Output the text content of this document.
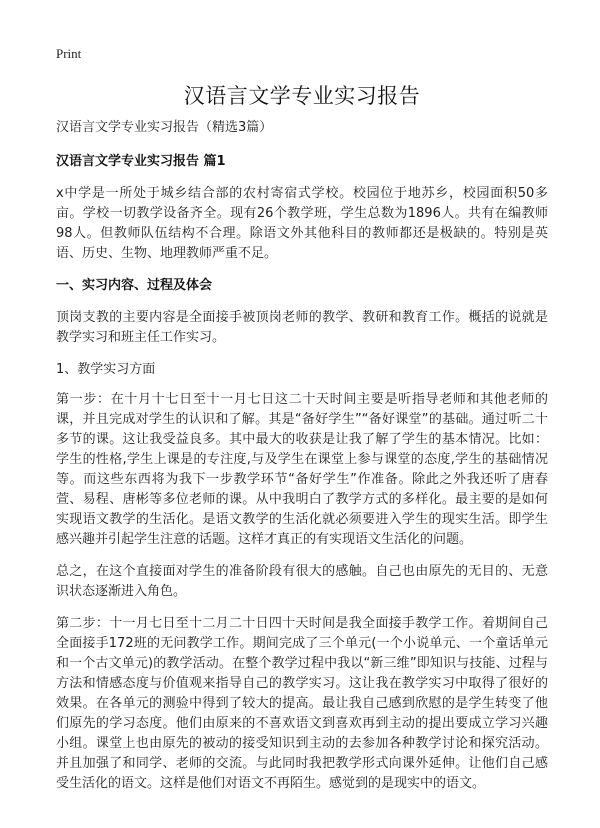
Print
汉语言文学专业实习报告

汉语言文学专业实习报告（精选3篇）

汉语言文学专业实习报告 篇1

x中学是一所处于城乡结合部的农村寄宿式学校。校园位于地苏乡，校园面积50多亩。学校一切教学设备齐全。现有26个教学班，学生总数为1896人。共有在编教师98人。但教师队伍结构不合理。除语文外其他科目的教师都还是极缺的。特别是英语、历史、生物、地理教师严重不足。

一、实习内容、过程及体会

顶岗支教的主要内容是全面接手被顶岗老师的教学、教研和教育工作。概括的说就是教学实习和班主任工作实习。

1、教学实习方面

第一步：在十月十七日至十一月七日这二十天时间主要是听指导老师和其他老师的课，并且完成对学生的认识和了解。其是“备好学生”“备好课堂”的基础。通过听二十多节的课。这让我受益良多。其中最大的收获是让我了解了学生的基本情况。比如：学生的性格,学生上课是的专注度,与及学生在课堂上参与课堂的态度,学生的基础情况等。而这些东西将为我下一步教学环节“备好学生”作准备。除此之外我还听了唐春萱、易程、唐彬等多位老师的课。从中我明白了教学方式的多样化。最主要的是如何实现语文教学的生活化。是语文教学的生活化就必须要进入学生的现实生活。即学生感兴趣并引起学生注意的话题。这样才真正的有实现语文生活化的问题。

总之，在这个直接面对学生的准备阶段有很大的感触。自己也由原先的无目的、无意识状态逐渐进入角色。

第二步：十一月七日至十二月二十日四十天时间是我全面接手教学工作。着期间自己全面接手172班的无问教学工作。期间完成了三个单元(一个小说单元、一个童话单元和一个古文单元)的教学活动。在整个教学过程中我以“新三维”即知识与技能、过程与方法和情感态度与价值观来指导自己的教学实习。这让我在教学实习中取得了很好的效果。在各单元的测验中得到了较大的提高。最让我自己感到欣慰的是学生转变了他们原先的学习态度。他们由原来的不喜欢语文到喜欢再到主动的提出要成立学习兴趣小组。课堂上也由原先的被动的接受知识到主动的去参加各种教学讨论和探究活动。并且加强了和同学、老师的交流。与此同时我把教学形式向课外延伸。让他们自己感受生活化的语文。这样是他们对语文不再陌生。感觉到的是现实中的语文。
